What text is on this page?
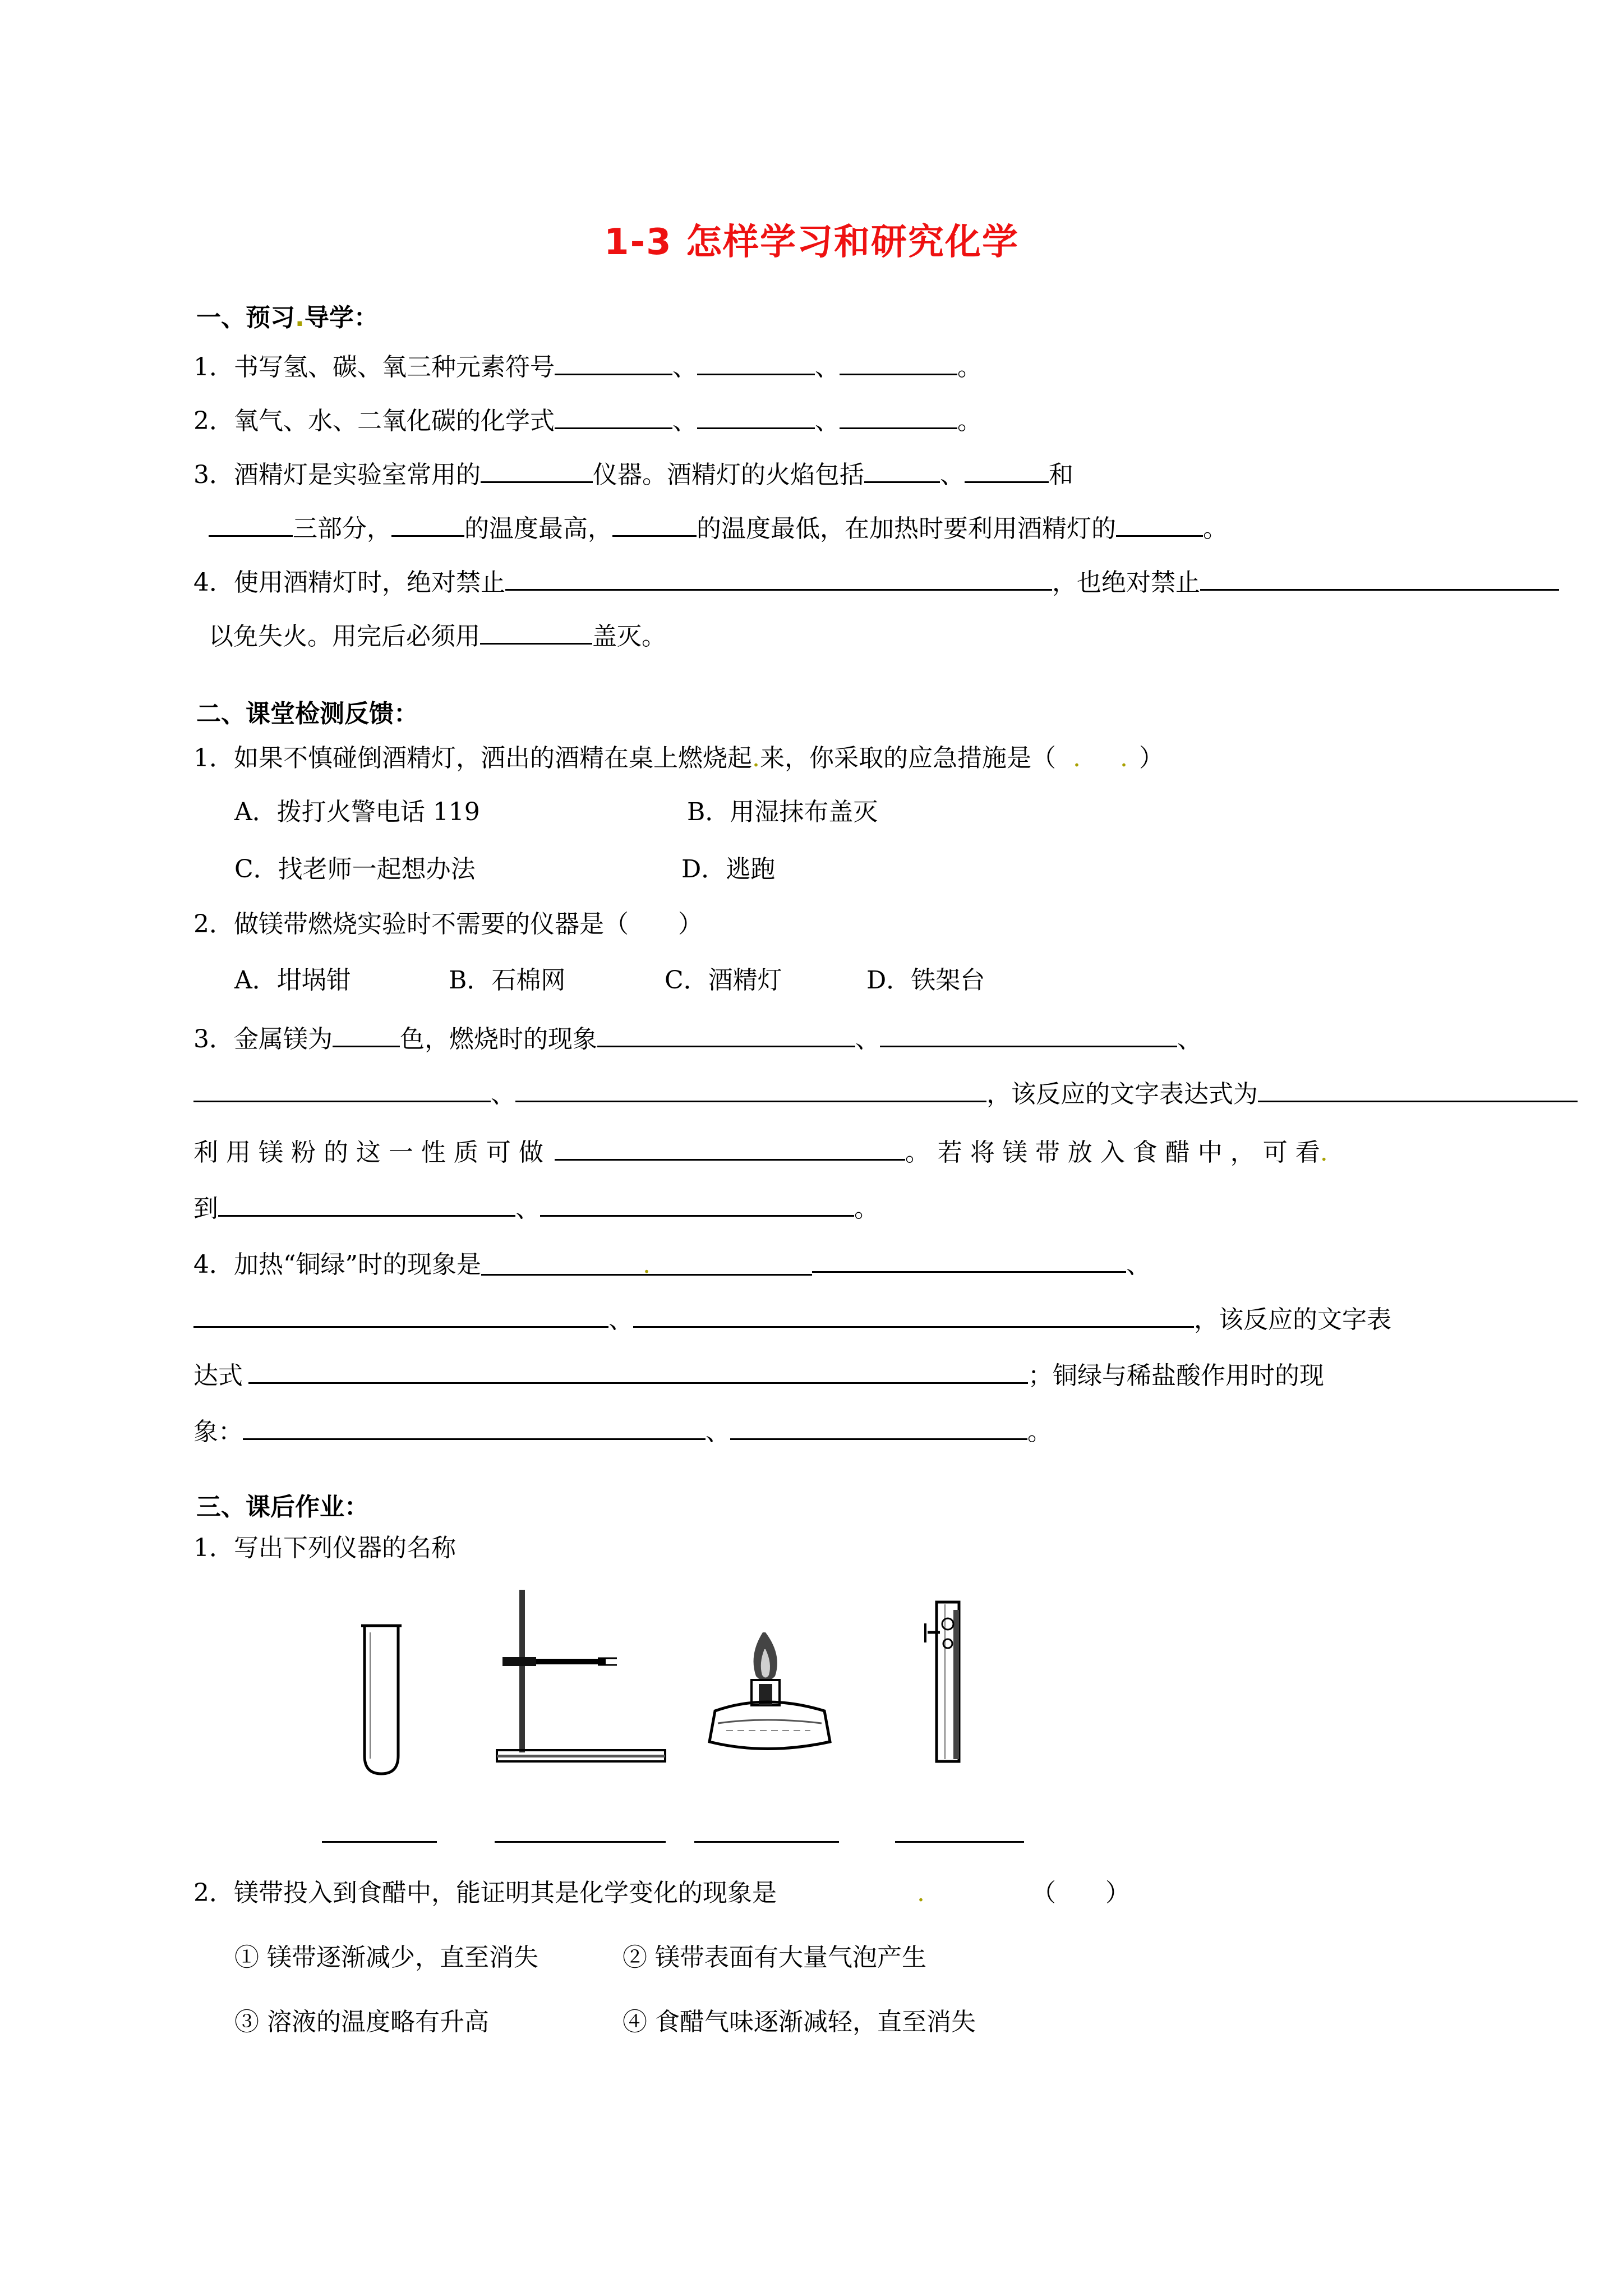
1-3 怎样学习和研究化学
一、预习.导学：
1．书写氢、碳、氧三种元素符号	、	、	。
2．氧气、水、二氧化碳的化学式	、	、	。
3．酒精灯是实验室常用的	仪器。酒精灯的火焰包括	、	和
三部分，	的温度最高，	的温度最低，在加热时要利用酒精灯的	。
4．使用酒精灯时，绝对禁止	，也绝对禁止
以免失火。用完后必须用	盖灭。
二、课堂检测反馈：
1．如果不慎碰倒酒精灯，洒出的酒精在桌上燃烧起.来，你采取的应急措施是（ . . ）
A．拨打火警电话 119	B．用湿抹布盖灭
C．找老师一起想办法	D．逃跑
2．做镁带燃烧实验时不需要的仪器是（　　）
A．坩埚钳	B．石棉网	C．酒精灯	D．铁架台
3．金属镁为	色，燃烧时的现象	、	、
、	，该反应的文字表达式为
利 用 镁 粉 的 这 一 性 质 可 做	。 若 将 镁 带 放 入 食 醋 中 ， 可 看.
到	、	。
4．加热“铜绿”时的现象是	.	、
、	，该反应的文字表
达式	；铜绿与稀盐酸作用时的现
象：	、	。
三、课后作业：
1．写出下列仪器的名称
2．镁带投入到食醋中，能证明其是化学变化的现象是	.	（　　）
① 镁带逐渐减少，直至消失	② 镁带表面有大量气泡产生
③ 溶液的温度略有升高	④ 食醋气味逐渐减轻，直至消失
